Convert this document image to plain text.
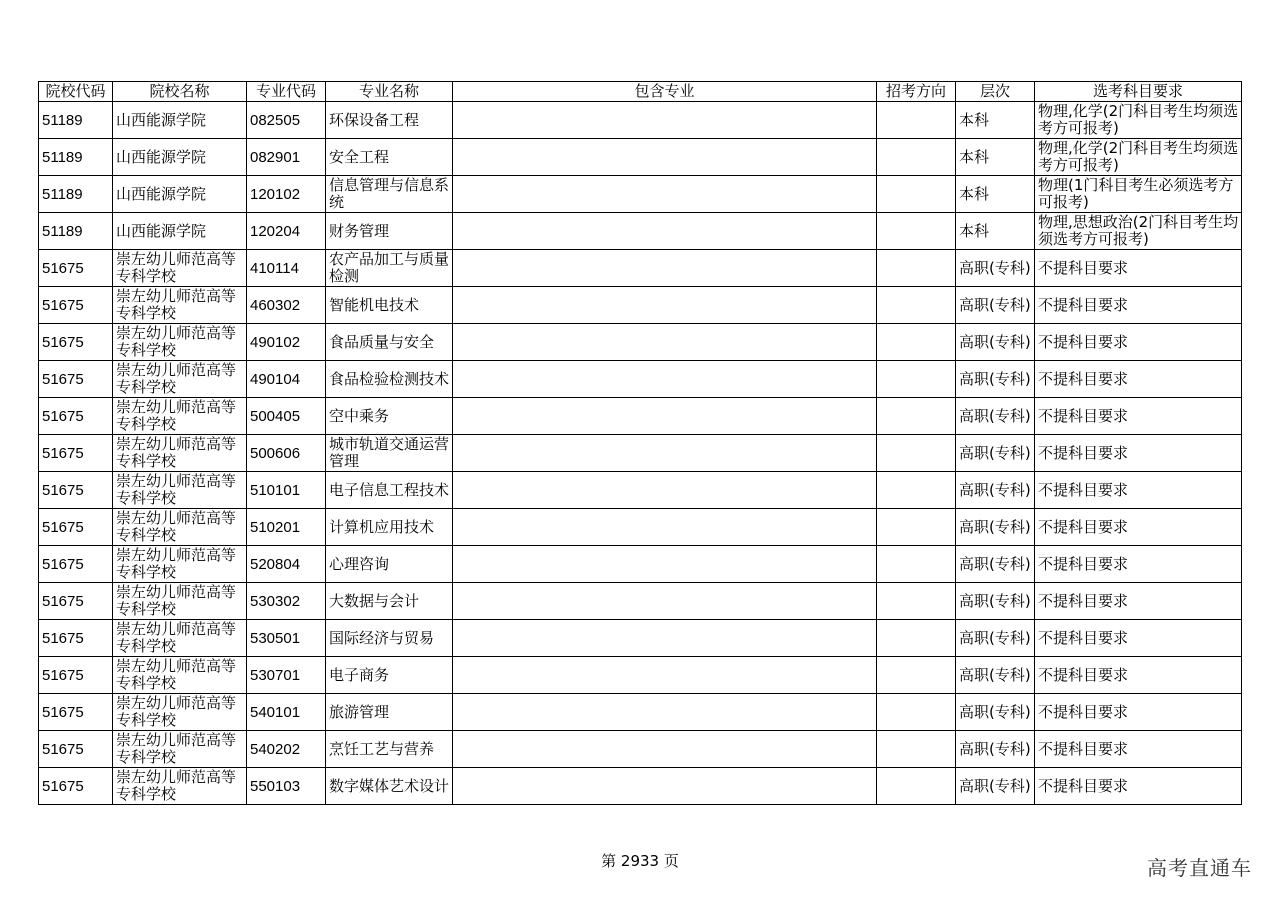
院校代码	院校名称	专业代码	专业名称	包含专业	招考方向	层次	选考科目要求
51189	山西能源学院	082505	环保设备工程			本科	物理,化学(2门科目考生均须选考方可报考)
51189	山西能源学院	082901	安全工程			本科	物理,化学(2门科目考生均须选考方可报考)
51189	山西能源学院	120102	信息管理与信息系统			本科	物理(1门科目考生必须选考方可报考)
51189	山西能源学院	120204	财务管理			本科	物理,思想政治(2门科目考生均须选考方可报考)
51675	崇左幼儿师范高等专科学校	410114	农产品加工与质量检测			高职(专科)	不提科目要求
51675	崇左幼儿师范高等专科学校	460302	智能机电技术			高职(专科)	不提科目要求
51675	崇左幼儿师范高等专科学校	490102	食品质量与安全			高职(专科)	不提科目要求
51675	崇左幼儿师范高等专科学校	490104	食品检验检测技术			高职(专科)	不提科目要求
51675	崇左幼儿师范高等专科学校	500405	空中乘务			高职(专科)	不提科目要求
51675	崇左幼儿师范高等专科学校	500606	城市轨道交通运营管理			高职(专科)	不提科目要求
51675	崇左幼儿师范高等专科学校	510101	电子信息工程技术			高职(专科)	不提科目要求
51675	崇左幼儿师范高等专科学校	510201	计算机应用技术			高职(专科)	不提科目要求
51675	崇左幼儿师范高等专科学校	520804	心理咨询			高职(专科)	不提科目要求
51675	崇左幼儿师范高等专科学校	530302	大数据与会计			高职(专科)	不提科目要求
51675	崇左幼儿师范高等专科学校	530501	国际经济与贸易			高职(专科)	不提科目要求
51675	崇左幼儿师范高等专科学校	530701	电子商务			高职(专科)	不提科目要求
51675	崇左幼儿师范高等专科学校	540101	旅游管理			高职(专科)	不提科目要求
51675	崇左幼儿师范高等专科学校	540202	烹饪工艺与营养			高职(专科)	不提科目要求
51675	崇左幼儿师范高等专科学校	550103	数字媒体艺术设计			高职(专科)	不提科目要求
第 2933 页	高考直通车
